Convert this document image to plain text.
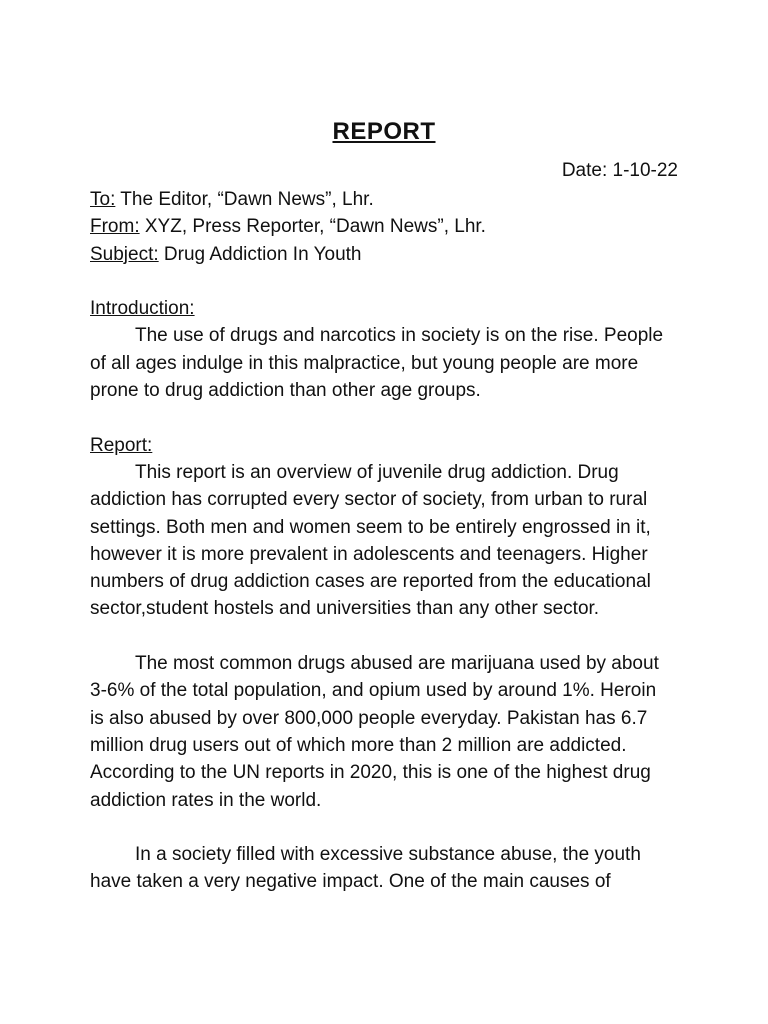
REPORT
Date: 1-10-22
To: The Editor, “Dawn News”, Lhr.
From: XYZ, Press Reporter, “Dawn News”, Lhr.
Subject: Drug Addiction In Youth
Introduction:
The use of drugs and narcotics in society is on the rise. People of all ages indulge in this malpractice, but young people are more prone to drug addiction than other age groups.
Report:
This report is an overview of juvenile drug addiction. Drug addiction has corrupted every sector of society, from urban to rural settings. Both men and women seem to be entirely engrossed in it, however it is more prevalent in adolescents and teenagers. Higher numbers of drug addiction cases are reported from the educational sector,student hostels and universities than any other sector.
The most common drugs abused are marijuana used by about 3-6% of the total population, and opium used by around 1%. Heroin is also abused by over 800,000 people everyday. Pakistan has 6.7 million drug users out of which more than 2 million are addicted. According to the UN reports in 2020, this is one of the highest drug addiction rates in the world.
In a society filled with excessive substance abuse, the youth have taken a very negative impact. One of the main causes of
